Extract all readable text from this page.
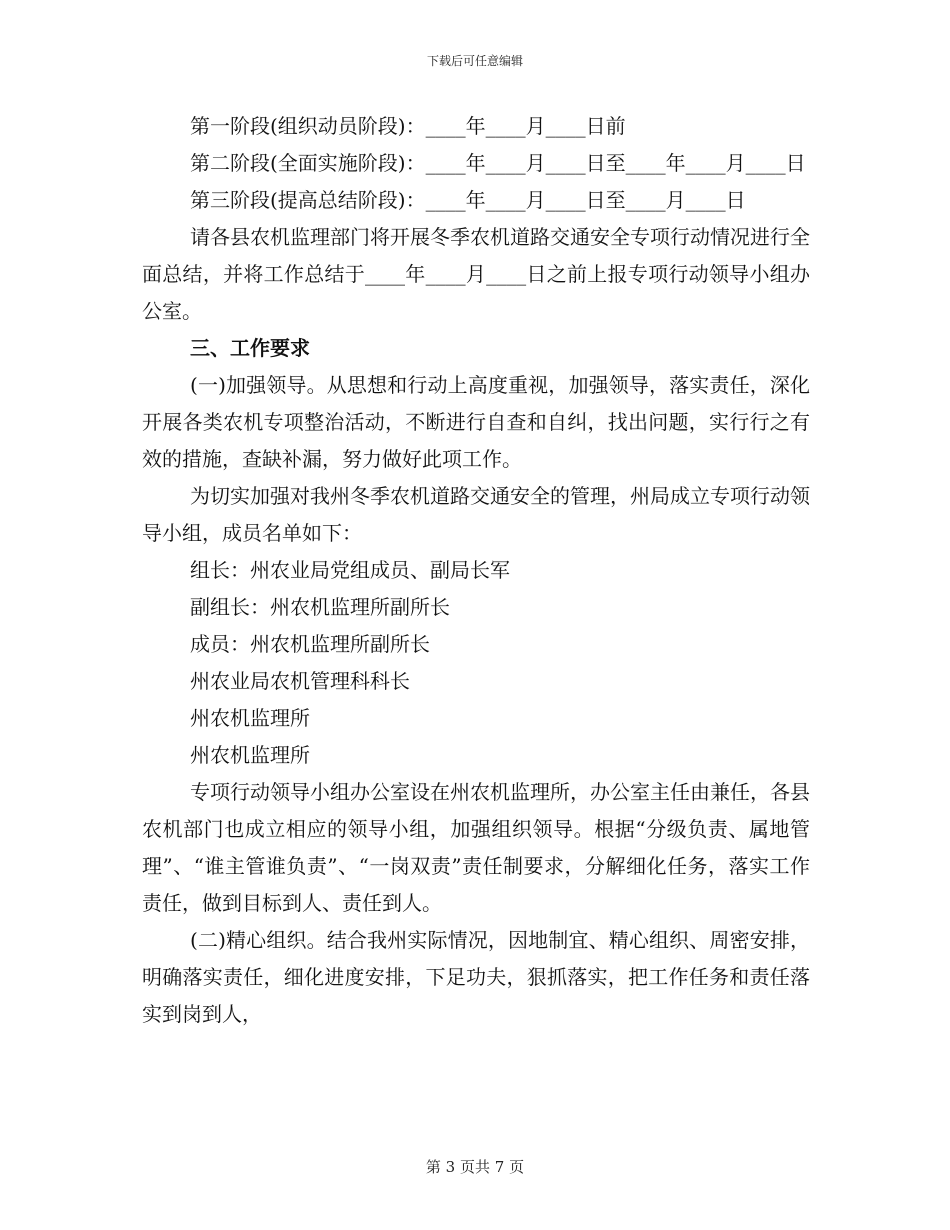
下载后可任意编辑

第一阶段(组织动员阶段)：____年____月____日前

第二阶段(全面实施阶段)：____年____月____日至____年____月____日

第三阶段(提高总结阶段)：____年____月____日至____月____日

请各县农机监理部门将开展冬季农机道路交通安全专项行动情况进行全面总结，并将工作总结于____年____月____日之前上报专项行动领导小组办公室。

三、工作要求

(一)加强领导。从思想和行动上高度重视，加强领导，落实责任，深化开展各类农机专项整治活动，不断进行自查和自纠，找出问题，实行行之有效的措施，查缺补漏，努力做好此项工作。

为切实加强对我州冬季农机道路交通安全的管理，州局成立专项行动领导小组，成员名单如下：

组长：州农业局党组成员、副局长军

副组长：州农机监理所副所长

成员：州农机监理所副所长

州农业局农机管理科科长

州农机监理所

州农机监理所

专项行动领导小组办公室设在州农机监理所，办公室主任由兼任，各县农机部门也成立相应的领导小组，加强组织领导。根据“分级负责、属地管理”、“谁主管谁负责”、“一岗双责”责任制要求，分解细化任务，落实工作责任，做到目标到人、责任到人。

(二)精心组织。结合我州实际情况，因地制宜、精心组织、周密安排，明确落实责任，细化进度安排，下足功夫，狠抓落实，把工作任务和责任落实到岗到人，

第 3 页共 7 页
